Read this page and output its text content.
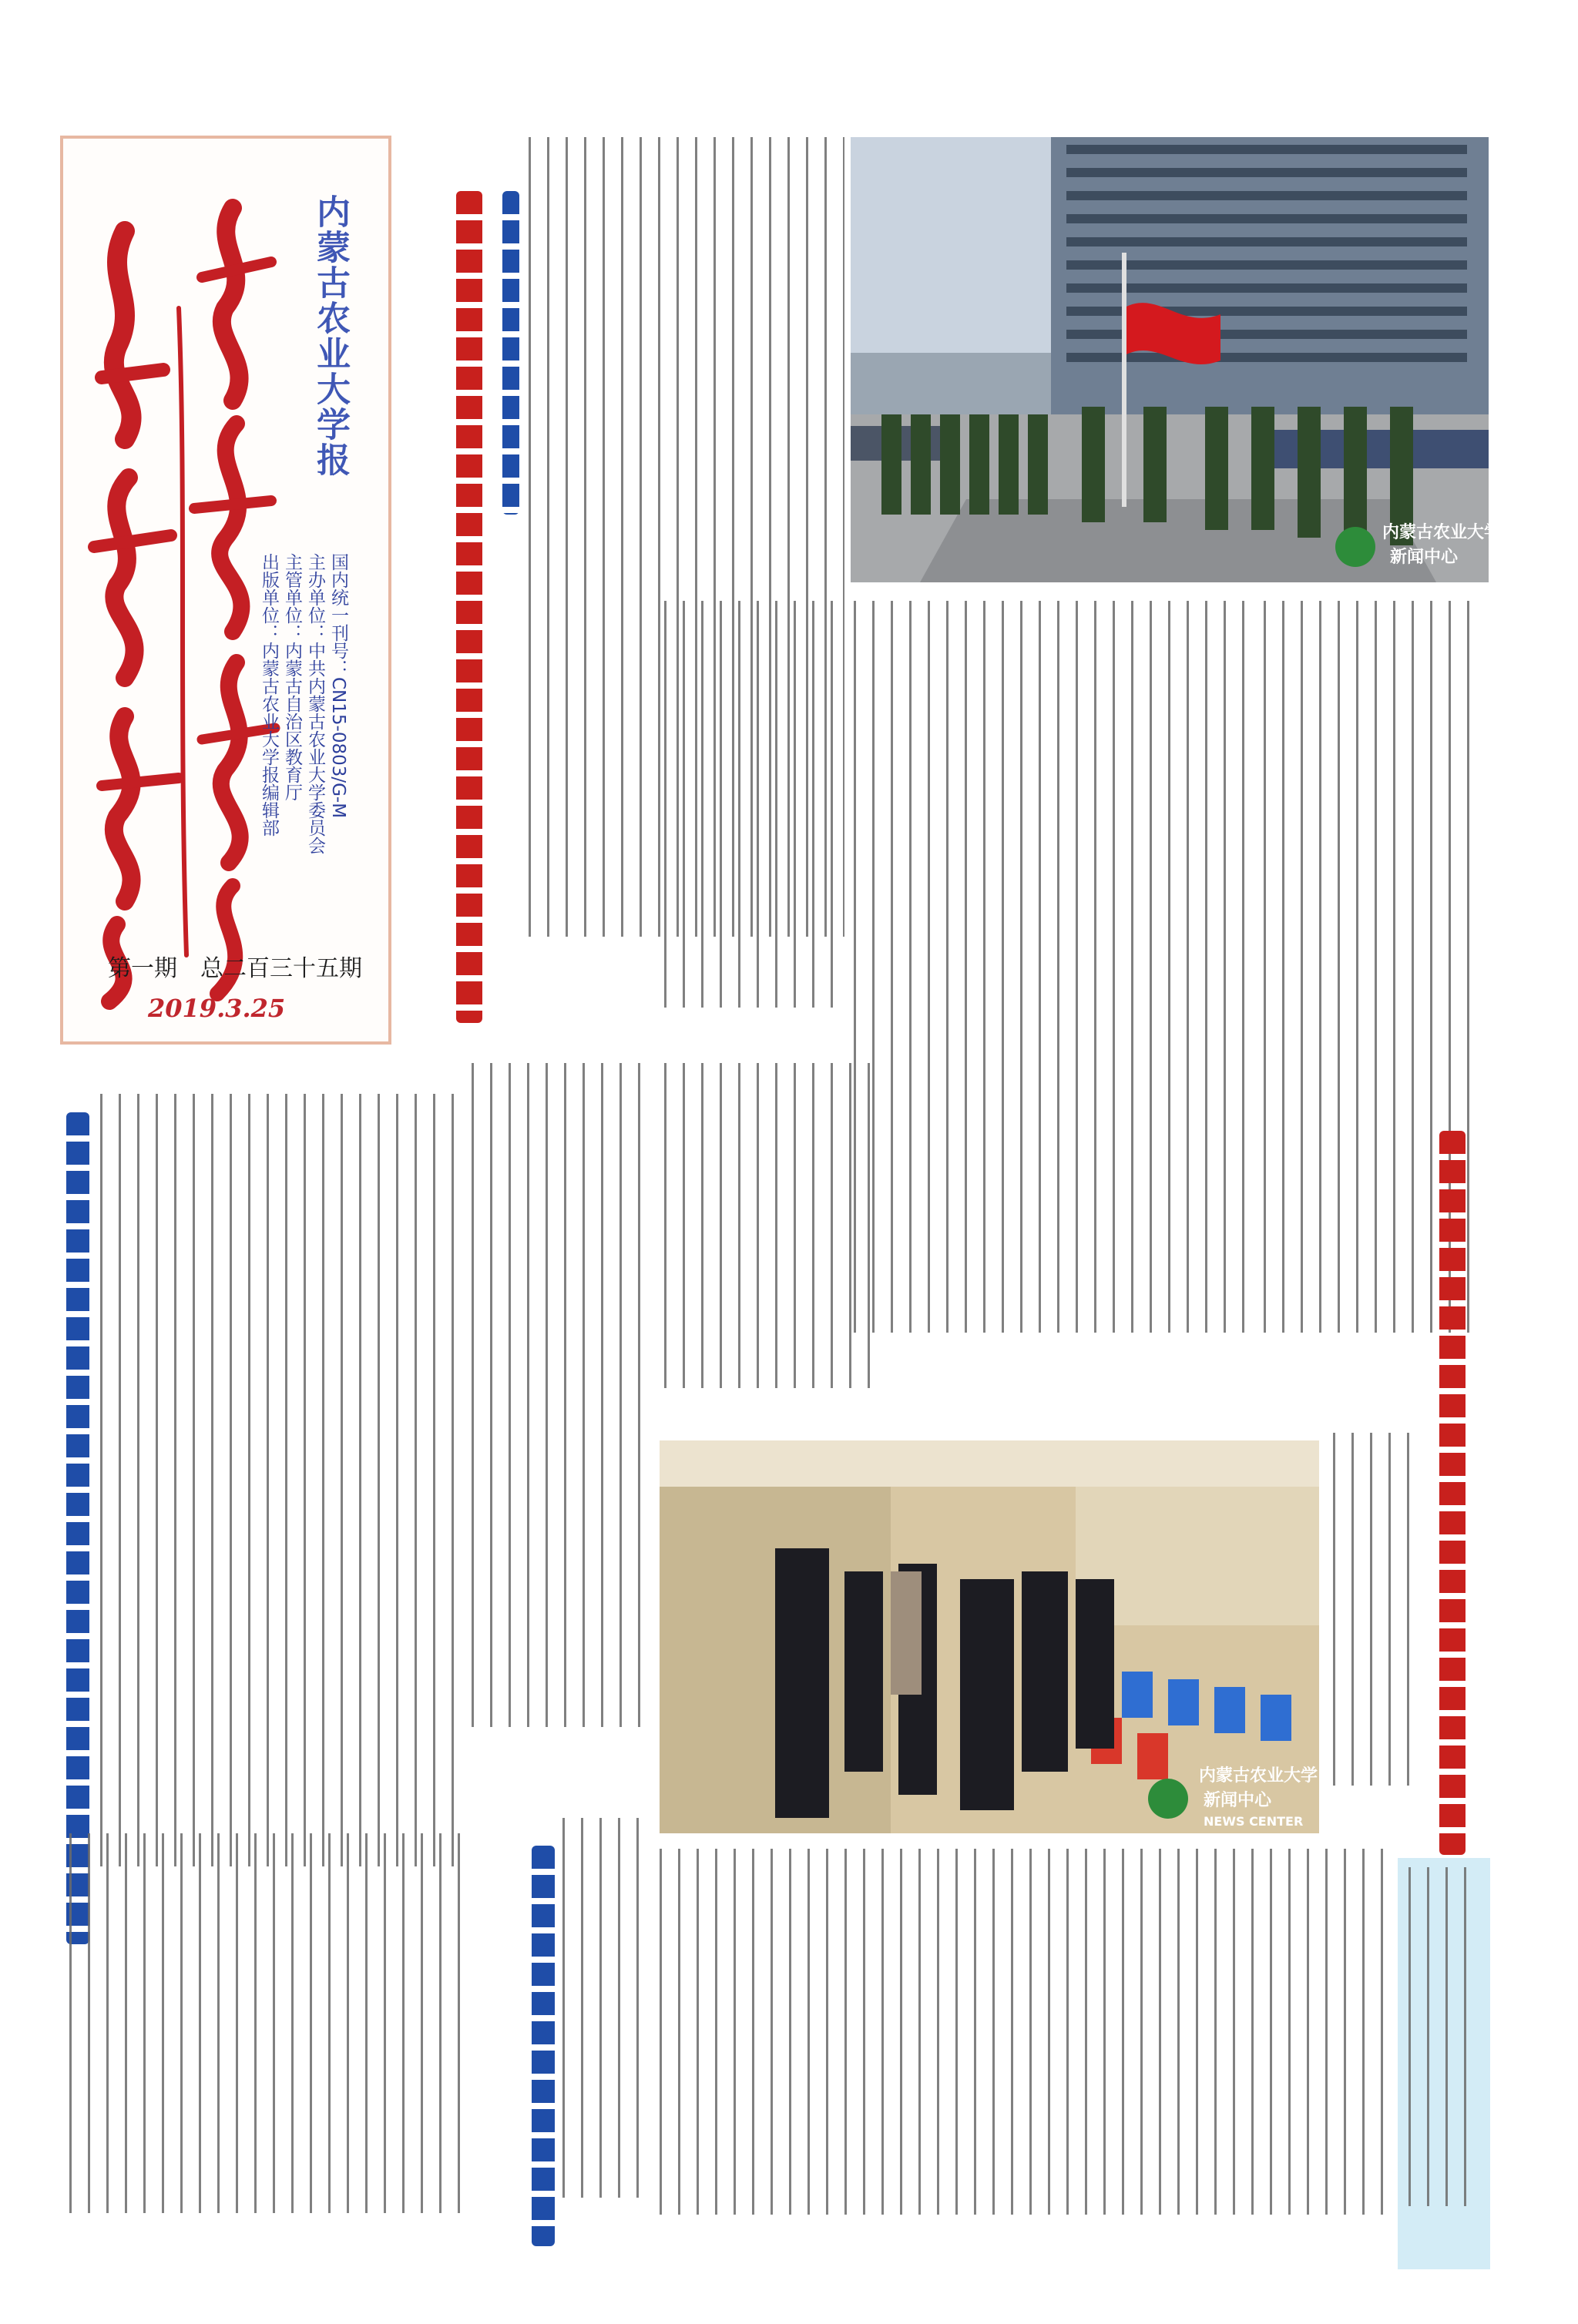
内蒙古农业大学报
国内统一刊号：CN15-0803/G-M
主办单位：中共内蒙古农业大学委员会
主管单位：内蒙古自治区教育厅
出版单位：内蒙古农业大学报编辑部
第一期　总二百三十五期
2019.3.25
内蒙古农业大学
新闻中心
内蒙古农业大学
新闻中心
NEWS CENTER
